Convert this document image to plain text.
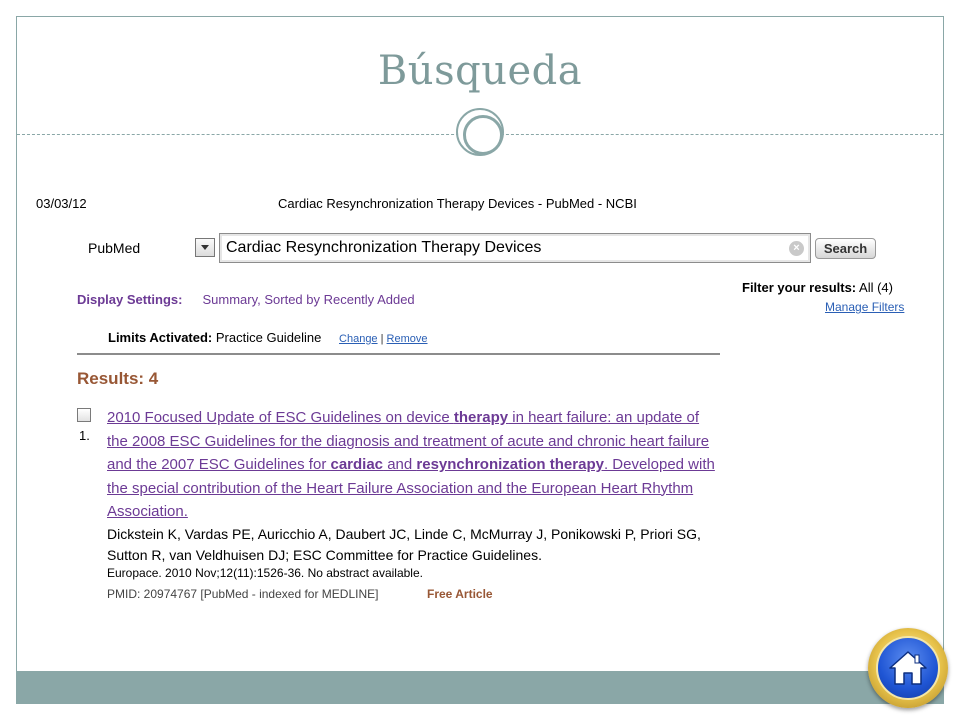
Búsqueda
03/03/12	Cardiac Resynchronization Therapy Devices - PubMed - NCBI
PubMed	Cardiac Resynchronization Therapy Devices	×	Search
Display Settings: Summary, Sorted by Recently Added
Filter your results: All (4)
Manage Filters
Limits Activated: Practice Guideline Change | Remove
Results: 4
1.
2010 Focused Update of ESC Guidelines on device therapy in heart failure: an update of the 2008 ESC Guidelines for the diagnosis and treatment of acute and chronic heart failure and the 2007 ESC Guidelines for cardiac and resynchronization therapy. Developed with the special contribution of the Heart Failure Association and the European Heart Rhythm Association.
Dickstein K, Vardas PE, Auricchio A, Daubert JC, Linde C, McMurray J, Ponikowski P, Priori SG, Sutton R, van Veldhuisen DJ; ESC Committee for Practice Guidelines.
Europace. 2010 Nov;12(11):1526-36. No abstract available.
PMID: 20974767 [PubMed - indexed for MEDLINE]	Free Article
